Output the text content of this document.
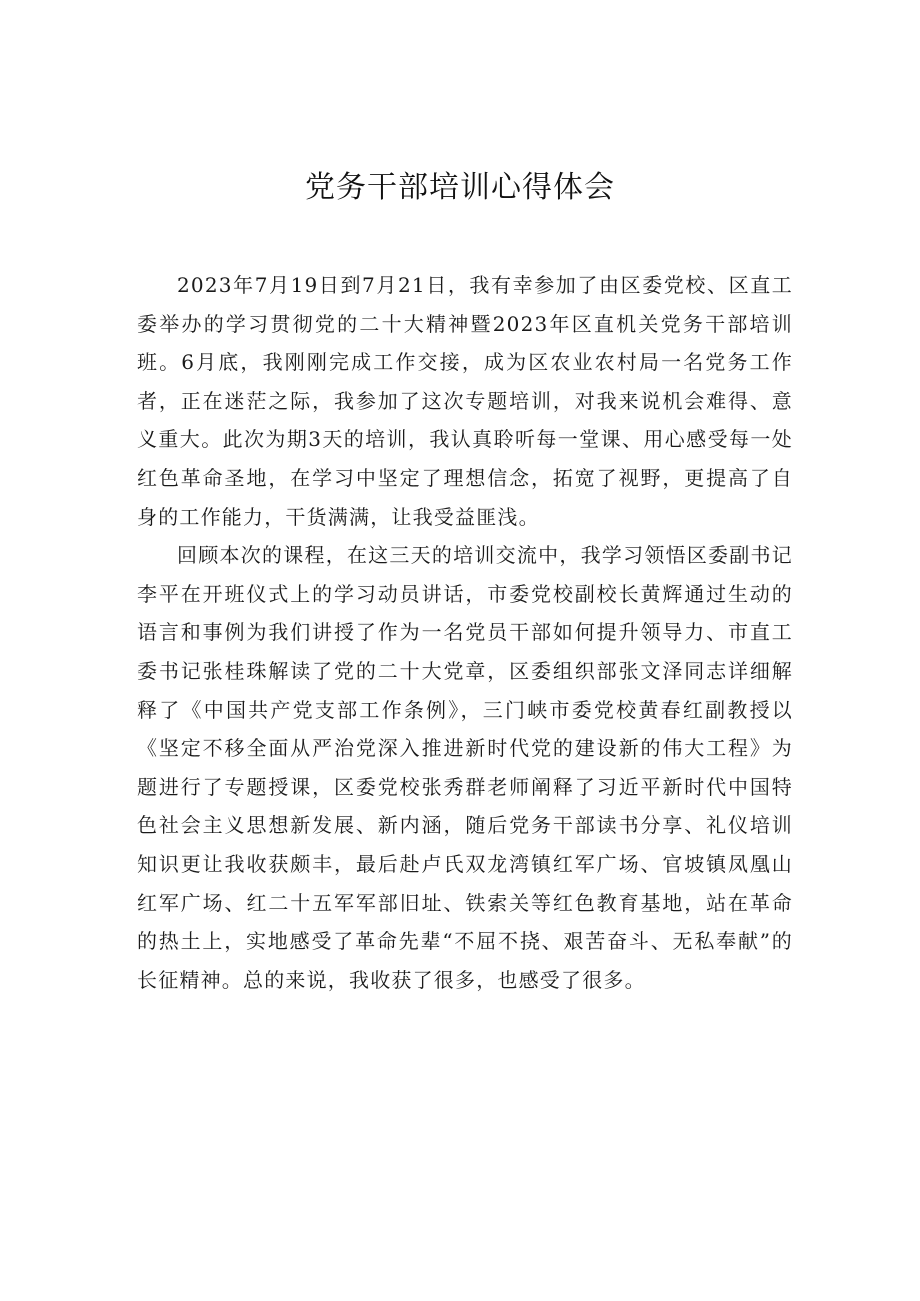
党务干部培训心得体会

2023年7月19日到7月21日，我有幸参加了由区委党校、区直工委举办的学习贯彻党的二十大精神暨2023年区直机关党务干部培训班。6月底，我刚刚完成工作交接，成为区农业农村局一名党务工作者，正在迷茫之际，我参加了这次专题培训，对我来说机会难得、意义重大。此次为期3天的培训，我认真聆听每一堂课、用心感受每一处红色革命圣地，在学习中坚定了理想信念，拓宽了视野，更提高了自身的工作能力，干货满满，让我受益匪浅。

回顾本次的课程，在这三天的培训交流中，我学习领悟区委副书记李平在开班仪式上的学习动员讲话，市委党校副校长黄辉通过生动的语言和事例为我们讲授了作为一名党员干部如何提升领导力、市直工委书记张桂珠解读了党的二十大党章，区委组织部张文泽同志详细解释了《中国共产党支部工作条例》，三门峡市委党校黄春红副教授以《坚定不移全面从严治党深入推进新时代党的建设新的伟大工程》为题进行了专题授课，区委党校张秀群老师阐释了习近平新时代中国特色社会主义思想新发展、新内涵，随后党务干部读书分享、礼仪培训知识更让我收获颇丰，最后赴卢氏双龙湾镇红军广场、官坡镇凤凰山红军广场、红二十五军军部旧址、铁索关等红色教育基地，站在革命的热土上，实地感受了革命先辈“不屈不挠、艰苦奋斗、无私奉献”的长征精神。总的来说，我收获了很多，也感受了很多。
